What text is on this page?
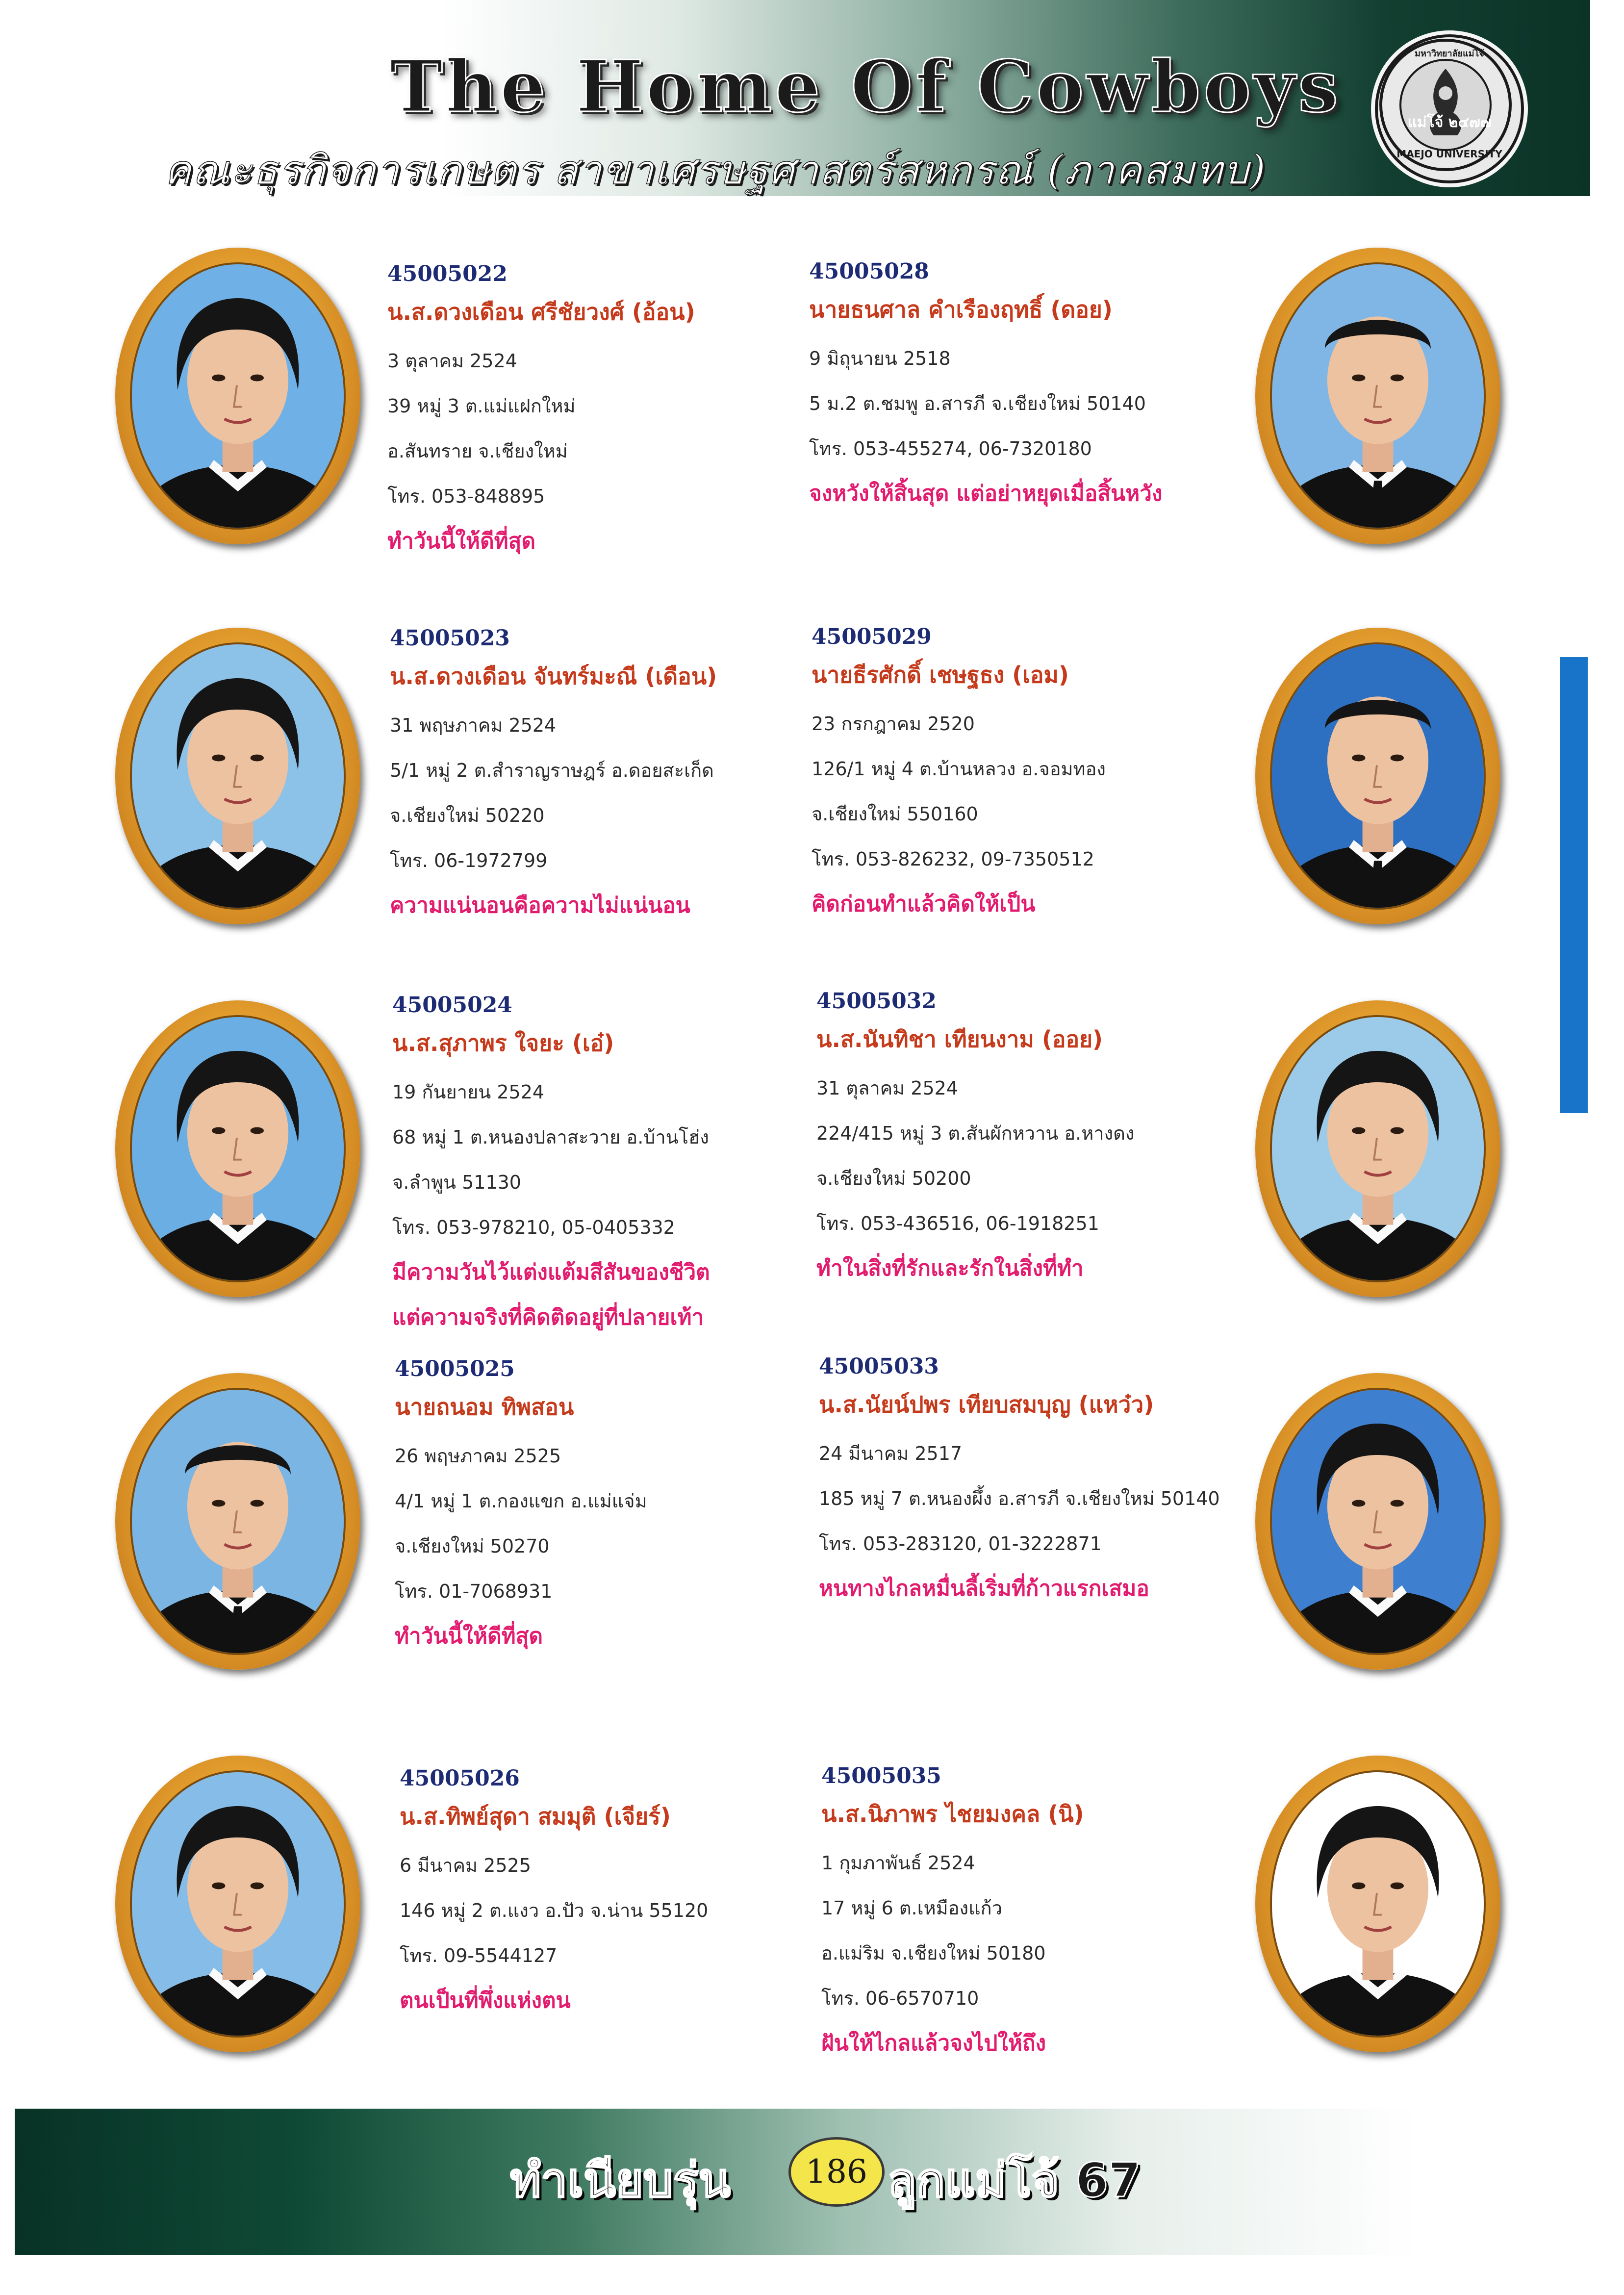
The Home Of Cowboys
คณะธุรกิจการเกษตร สาขาเศรษฐศาสตร์สหกรณ์ (ภาคสมทบ)
มหาวิทยาลัยแม่โจ้
แม่โจ้ ๒๔๗๗
MAEJO UNIVERSITY
45005022
น.ส.ดวงเดือน ศรีชัยวงศ์ (อ้อน)
3 ตุลาคม 2524
39 หมู่ 3 ต.แม่แฝกใหม่
อ.สันทราย จ.เชียงใหม่
โทร. 053-848895
ทำวันนี้ให้ดีที่สุด
45005028
นายธนศาล คำเรืองฤทธิ์ (ดอย)
9 มิถุนายน 2518
5 ม.2 ต.ชมพู อ.สารภี จ.เชียงใหม่ 50140
โทร. 053-455274, 06-7320180
จงหวังให้สิ้นสุด แต่อย่าหยุดเมื่อสิ้นหวัง
45005023
น.ส.ดวงเดือน จันทร์มะณี (เดือน)
31 พฤษภาคม 2524
5/1 หมู่ 2 ต.สำราญราษฎร์ อ.ดอยสะเก็ด
จ.เชียงใหม่ 50220
โทร. 06-1972799
ความแน่นอนคือความไม่แน่นอน
45005029
นายธีรศักดิ์ เชษฐธง (เอม)
23 กรกฎาคม 2520
126/1 หมู่ 4 ต.บ้านหลวง อ.จอมทอง
จ.เชียงใหม่ 550160
โทร. 053-826232, 09-7350512
คิดก่อนทำแล้วคิดให้เป็น
45005024
น.ส.สุภาพร ใจยะ (เอ๋)
19 กันยายน 2524
68 หมู่ 1 ต.หนองปลาสะวาย อ.บ้านโฮ่ง
จ.ลำพูน 51130
โทร. 053-978210, 05-0405332
มีความวันไว้แต่งแต้มสีสันของชีวิต
แต่ความจริงที่คิดติดอยู่ที่ปลายเท้า
45005032
น.ส.นันทิชา เทียนงาม (ออย)
31 ตุลาคม 2524
224/415 หมู่ 3 ต.สันผักหวาน อ.หางดง
จ.เชียงใหม่ 50200
โทร. 053-436516, 06-1918251
ทำในสิ่งที่รักและรักในสิ่งที่ทำ
45005025
นายถนอม ทิพสอน
26 พฤษภาคม 2525
4/1 หมู่ 1 ต.กองแขก อ.แม่แจ่ม
จ.เชียงใหม่ 50270
โทร. 01-7068931
ทำวันนี้ให้ดีที่สุด
45005033
น.ส.นัยน์ปพร เทียบสมบุญ (แหว๋ว)
24 มีนาคม 2517
185 หมู่ 7 ต.หนองผึ้ง อ.สารภี จ.เชียงใหม่ 50140
โทร. 053-283120, 01-3222871
หนทางไกลหมื่นลี้เริ่มที่ก้าวแรกเสมอ
45005026
น.ส.ทิพย์สุดา สมมุติ (เจียร์)
6 มีนาคม 2525
146 หมู่ 2 ต.แงว อ.ปัว จ.น่าน 55120
โทร. 09-5544127
ตนเป็นที่พึ่งแห่งตน
45005035
น.ส.นิภาพร ไชยมงคล (นิ)
1 กุมภาพันธ์ 2524
17 หมู่ 6 ต.เหมืองแก้ว
อ.แม่ริม จ.เชียงใหม่ 50180
โทร. 06-6570710
ฝันให้ไกลแล้วจงไปให้ถึง
ทำเนียบรุ่น	186 ลูกแม่โจ้ 67
